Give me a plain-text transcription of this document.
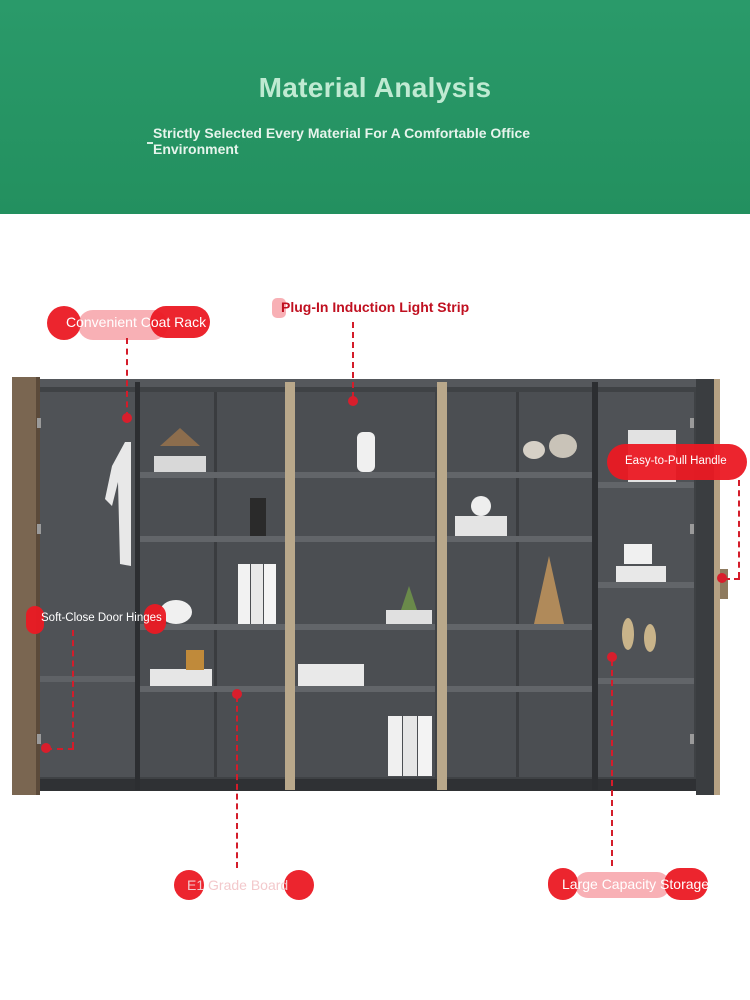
Material Analysis
Strictly Selected Every Material For A Comfortable Office Environment
Convenient Coat Rack
Plug-In Induction Light Strip
Easy-to-Pull Handle
Soft-Close Door Hinges
E1 Grade Board	Large Capacity Storage
